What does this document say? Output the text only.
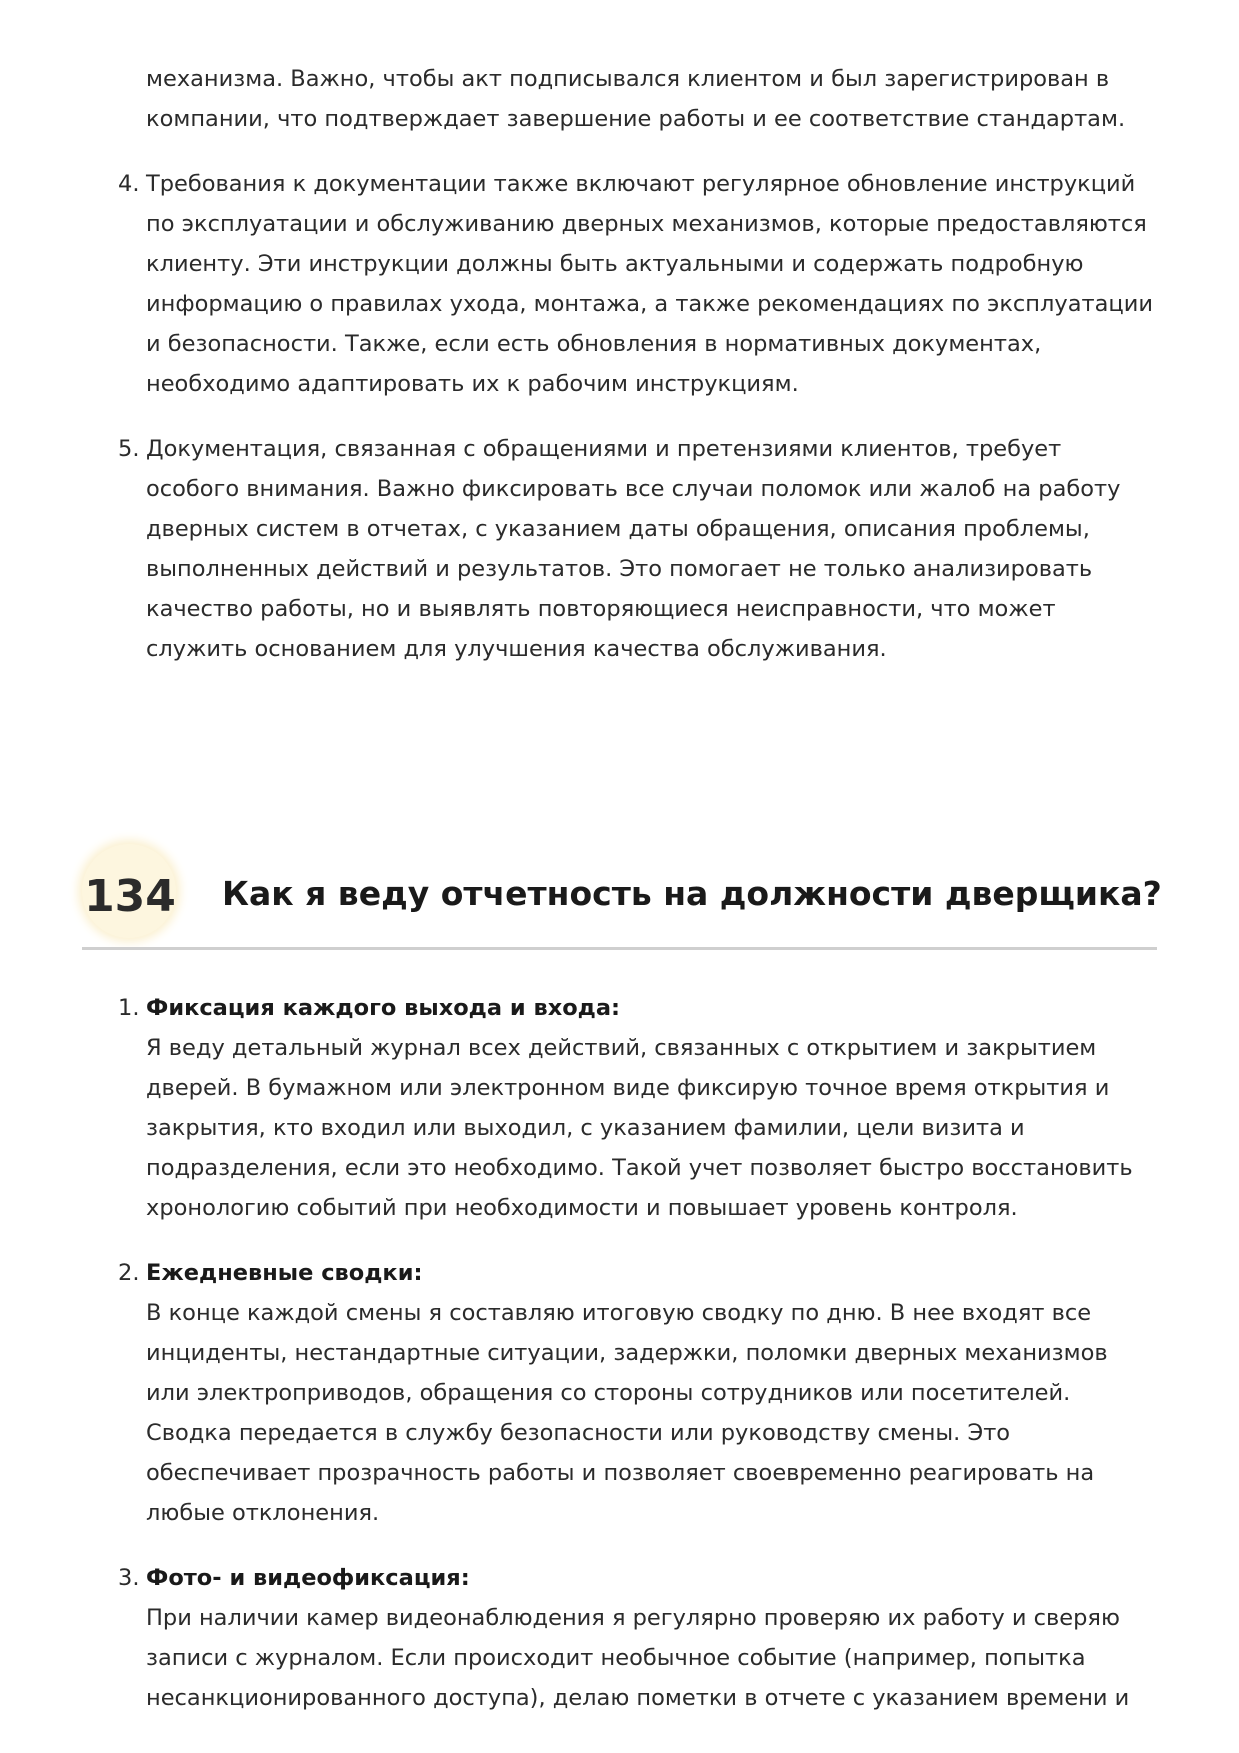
механизма. Важно, чтобы акт подписывался клиентом и был зарегистрирован в компании, что подтверждает завершение работы и ее соответствие стандартам.
4. Требования к документации также включают регулярное обновление инструкций по эксплуатации и обслуживанию дверных механизмов, которые предоставляются клиенту. Эти инструкции должны быть актуальными и содержать подробную информацию о правилах ухода, монтажа, а также рекомендациях по эксплуатации и безопасности. Также, если есть обновления в нормативных документах, необходимо адаптировать их к рабочим инструкциям.
5. Документация, связанная с обращениями и претензиями клиентов, требует особого внимания. Важно фиксировать все случаи поломок или жалоб на работу дверных систем в отчетах, с указанием даты обращения, описания проблемы, выполненных действий и результатов. Это помогает не только анализировать качество работы, но и выявлять повторяющиеся неисправности, что может служить основанием для улучшения качества обслуживания.
134 Как я веду отчетность на должности дверщика?
1. Фиксация каждого выхода и входа:
Я веду детальный журнал всех действий, связанных с открытием и закрытием дверей. В бумажном или электронном виде фиксирую точное время открытия и закрытия, кто входил или выходил, с указанием фамилии, цели визита и подразделения, если это необходимо. Такой учет позволяет быстро восстановить хронологию событий при необходимости и повышает уровень контроля.
2. Ежедневные сводки:
В конце каждой смены я составляю итоговую сводку по дню. В нее входят все инциденты, нестандартные ситуации, задержки, поломки дверных механизмов или электроприводов, обращения со стороны сотрудников или посетителей. Сводка передается в службу безопасности или руководству смены. Это обеспечивает прозрачность работы и позволяет своевременно реагировать на любые отклонения.
3. Фото- и видеофиксация:
При наличии камер видеонаблюдения я регулярно проверяю их работу и сверяю записи с журналом. Если происходит необычное событие (например, попытка несанкционированного доступа), делаю пометки в отчете с указанием времени и
